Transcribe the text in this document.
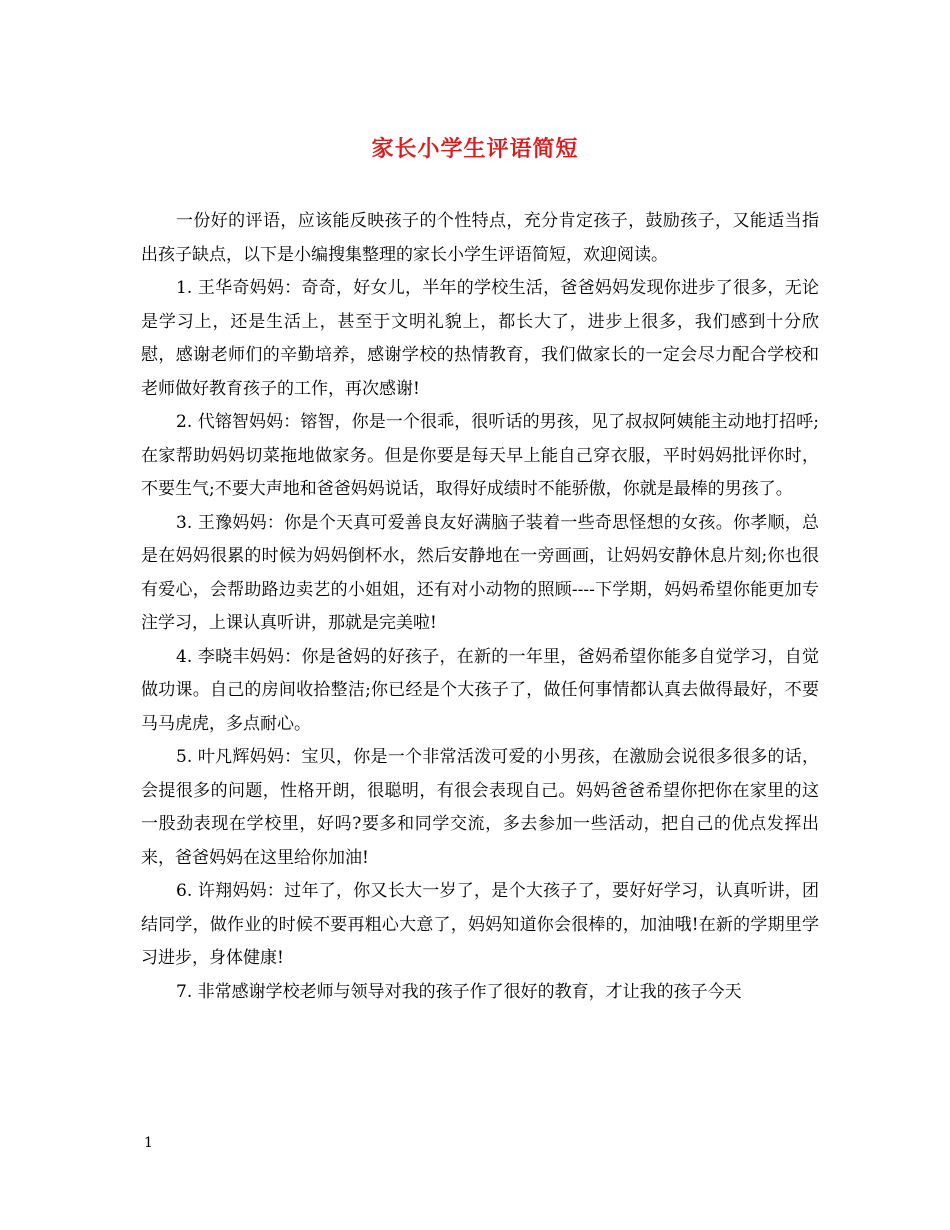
家长小学生评语简短

一份好的评语，应该能反映孩子的个性特点，充分肯定孩子，鼓励孩子，又能适当指出孩子缺点，以下是小编搜集整理的家长小学生评语简短，欢迎阅读。

1. 王华奇妈妈：奇奇，好女儿，半年的学校生活，爸爸妈妈发现你进步了很多，无论是学习上，还是生活上，甚至于文明礼貌上，都长大了，进步上很多，我们感到十分欣慰，感谢老师们的辛勤培养，感谢学校的热情教育，我们做家长的一定会尽力配合学校和老师做好教育孩子的工作，再次感谢!

2. 代镕智妈妈：镕智，你是一个很乖，很听话的男孩，见了叔叔阿姨能主动地打招呼;在家帮助妈妈切菜拖地做家务。但是你要是每天早上能自己穿衣服，平时妈妈批评你时，不要生气;不要大声地和爸爸妈妈说话，取得好成绩时不能骄傲，你就是最棒的男孩了。

3. 王豫妈妈：你是个天真可爱善良友好满脑子装着一些奇思怪想的女孩。你孝顺，总是在妈妈很累的时候为妈妈倒杯水，然后安静地在一旁画画，让妈妈安静休息片刻;你也很有爱心，会帮助路边卖艺的小姐姐，还有对小动物的照顾----下学期，妈妈希望你能更加专注学习，上课认真听讲，那就是完美啦!

4. 李晓丰妈妈：你是爸妈的好孩子，在新的一年里，爸妈希望你能多自觉学习，自觉做功课。自己的房间收拾整洁;你已经是个大孩子了，做任何事情都认真去做得最好，不要马马虎虎，多点耐心。

5. 叶凡辉妈妈：宝贝，你是一个非常活泼可爱的小男孩，在激励会说很多很多的话，会提很多的问题，性格开朗，很聪明，有很会表现自己。妈妈爸爸希望你把你在家里的这一股劲表现在学校里，好吗?要多和同学交流，多去参加一些活动，把自己的优点发挥出来，爸爸妈妈在这里给你加油!

6. 许翔妈妈：过年了，你又长大一岁了，是个大孩子了，要好好学习，认真听讲，团结同学，做作业的时候不要再粗心大意了，妈妈知道你会很棒的，加油哦!在新的学期里学习进步，身体健康!

7. 非常感谢学校老师与领导对我的孩子作了很好的教育，才让我的孩子今天

1
